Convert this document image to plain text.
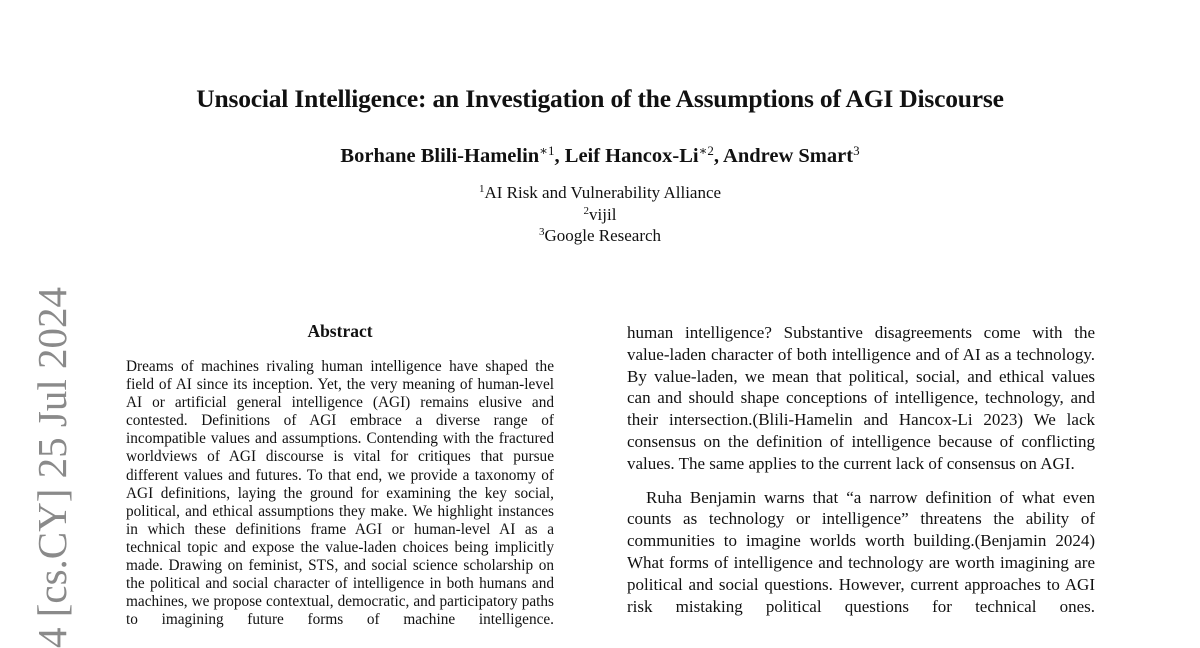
4 [cs.CY] 25 Jul 2024
Unsocial Intelligence: an Investigation of the Assumptions of AGI Discourse
Borhane Blili-Hamelin$^{∗1}$, Leif Hancox-$Li^{∗2}$, Andrew Smart$^3$
$^1$AI Risk and Vulnerability Alliance
$^2$vijil
$^3$Google Research
Abstract

Dreams of machines rivaling human intelligence have shaped the field of AI since its inception. Yet, the very meaning of human-level AI or artificial general intelligence (AGI) remains elusive and contested. Definitions of AGI embrace a diverse range of incompatible values and assumptions. Contending with the fractured worldviews of AGI discourse is vital for critiques that pursue different values and futures. To that end, we provide a taxonomy of AGI definitions, laying the ground for examining the key social, political, and ethical assumptions they make. We highlight instances in which these definitions frame AGI or human-level AI as a technical topic and expose the value-laden choices being implicitly made. Drawing on feminist, STS, and social science scholarship on the political and social character of intelligence in both humans and machines, we propose contextual, democratic, and participatory paths to imagining future forms of machine intelligence.

human intelligence? Substantive disagreements come with the value-laden character of both intelligence and of AI as a technology. By value-laden, we mean that political, social, and ethical values can and should shape conceptions of intelligence, technology, and their intersection.(Blili-Hamelin and Hancox-Li 2023) We lack consensus on the definition of intelligence because of conflicting values. The same applies to the current lack of consensus on AGI.

Ruha Benjamin warns that “a narrow definition of what even counts as technology or intelligence” threatens the ability of communities to imagine worlds worth building.(Benjamin 2024) What forms of intelligence and technology are worth imagining are political and social questions. However, current approaches to AGI risk mistaking political questions for technical ones.
